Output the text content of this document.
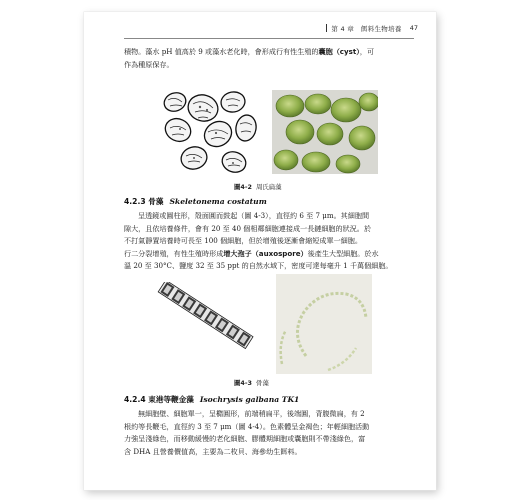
第 4 章　餌料生物培養 47
積物。藻水 pH 值高於 9 或藻水老化時，會形成行有性生殖的囊胞（cyst），可
作為種原保存。
圖4-2 周氏扁藻
4.2.3 骨藻 Skeletonema costatum
呈透鏡或圓柱形，殼面圓而鼓起（圖 4-3），直徑約 6 至 7 μm。其細胞間
隙大，且依培養條件，會有 20 至 40 個相鄰細胞連接成一長鏈細胞的狀況。於
不打氣靜置培養時可長至 100 個細胞，但於增殖後逐漸會縮短成單一細胞。
行二分裂增殖，有性生殖時形成增大孢子（auxospore）後產生大型細胞。於水
溫 20 至 30°C、鹽度 32 至 35 ppt 的自然水域下，密度可達每毫升 1 千萬個細胞。
圖4-3 骨藻
4.2.4 東港等鞭金藻 Isochrysis galbana TK1
無細胞壁、細胞單一，呈橢圓形，前端稍扁平，後端圓，背腹微扁，有 2
根約等長鞭毛，直徑約 3 至 7 μm（圖 4-4）。色素體呈金褐色；年輕細胞活動
力強呈淺綠色，而移動緩慢的老化細胞、膠體期細胞或囊胞則不帶淺綠色，富
含 DHA 且營養價值高，主要為二枚貝、海參幼生餌料。
